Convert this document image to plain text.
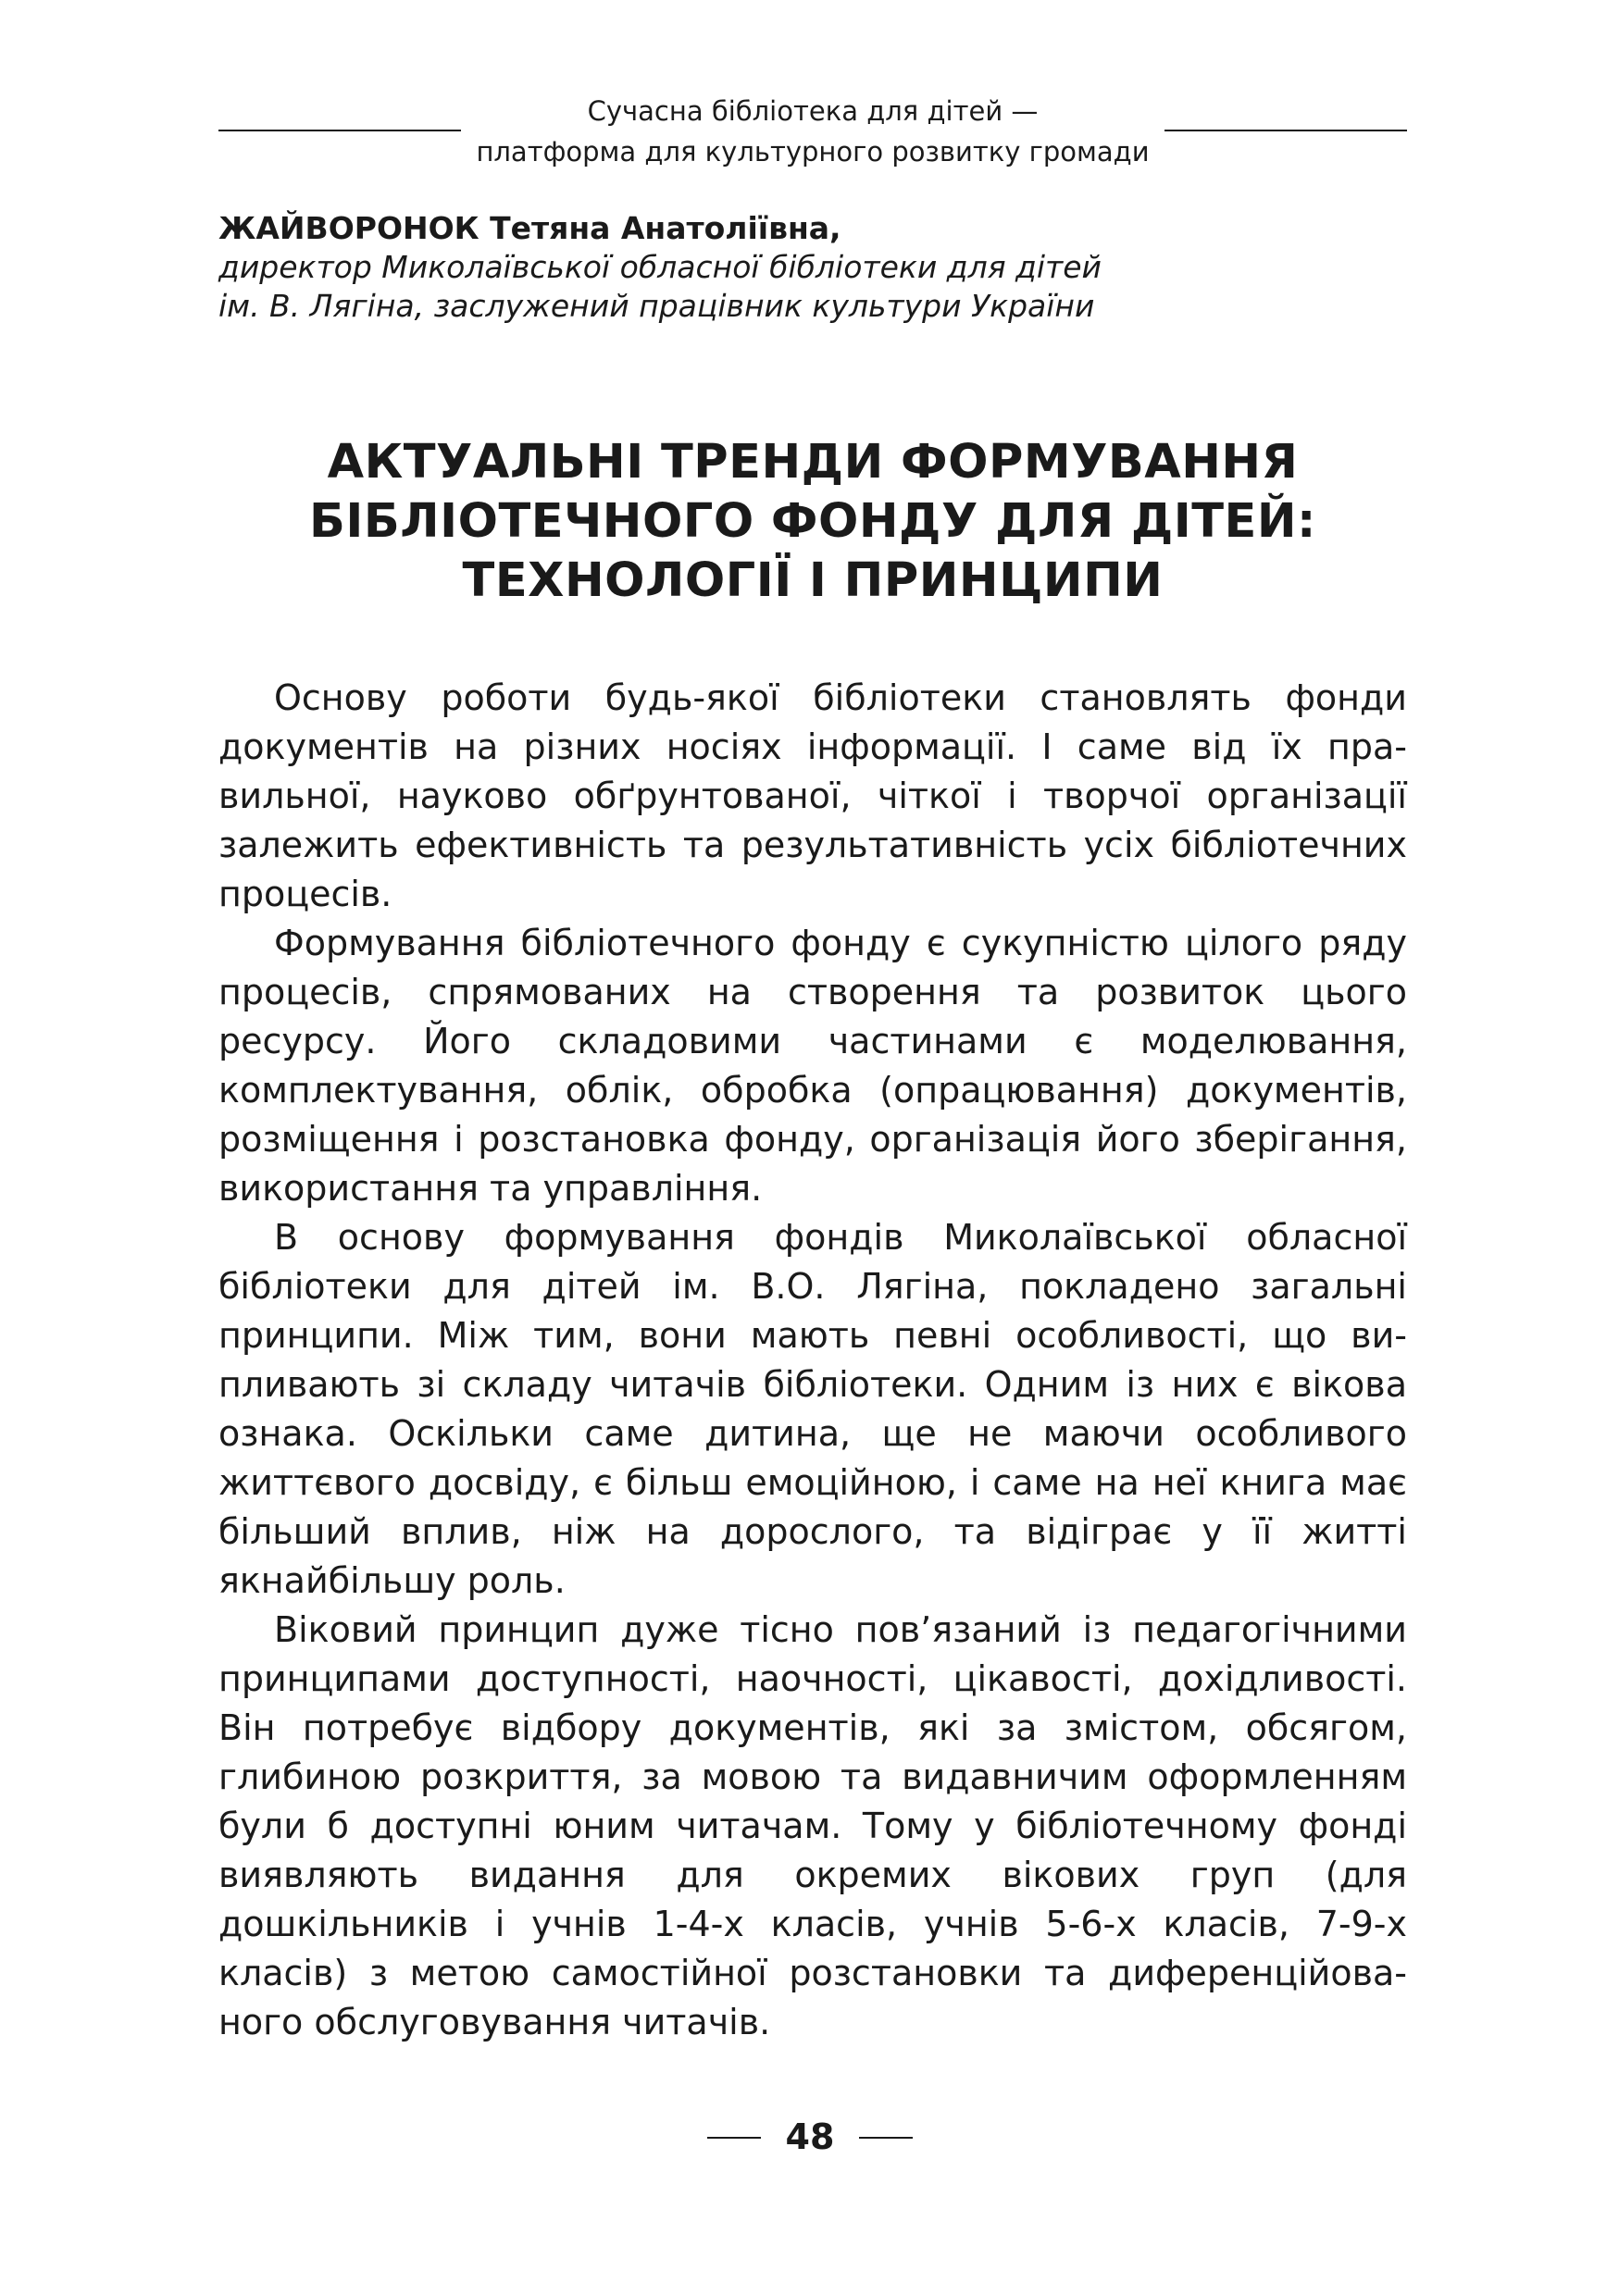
Сучасна бібліотека для дітей —
платформа для культурного розвитку громади
ЖАЙВОРОНОК Тетяна Анатоліївна,
директор Миколаївської обласної бібліотеки для дітей
ім. В. Лягіна, заслужений працівник культури України
АКТУАЛЬНІ ТРЕНДИ ФОРМУВАННЯ
БІБЛІОТЕЧНОГО ФОНДУ ДЛЯ ДІТЕЙ:
ТЕХНОЛОГІЇ І ПРИНЦИПИ

Основу роботи будь-якої бібліотеки становлять фонди документів на різних носіях інформації. І саме від їх правильної, науково обґрунтованої, чіткої і творчої організації залежить ефективність та результативність усіх бібліотечних процесів.

Формування бібліотечного фонду є сукупністю цілого ряду процесів, спрямованих на створення та розвиток цього ресурсу. Його складовими частинами є моделювання, комплектування, облік, обробка (опрацювання) документів, розміщення і розстановка фонду, організація його зберігання, використання та управління.

В основу формування фондів Миколаївської обласної бібліотеки для дітей ім. В.О. Лягіна, покладено загальні принципи. Між тим, вони мають певні особливості, що випливають зі складу читачів бібліотеки. Одним із них є вікова ознака. Оскільки саме дитина, ще не маючи особливого життєвого досвіду, є більш емоційною, і саме на неї книга має більший вплив, ніж на дорослого, та відіграє у її житті якнайбільшу роль.

Віковий принцип дуже тісно пов’язаний із педагогічними принципами доступності, наочності, цікавості, дохідливості. Він потребує відбору документів, які за змістом, обсягом, глибиною розкриття, за мовою та видавничим оформленням були б доступні юним читачам. Тому у бібліотечному фонді виявляють видання для окремих вікових груп (для дошкільників і учнів 1-4-х класів, учнів 5-6-х класів, 7-9-х класів) з метою самостійної розстановки та диференційованого обслуговування читачів.

48
